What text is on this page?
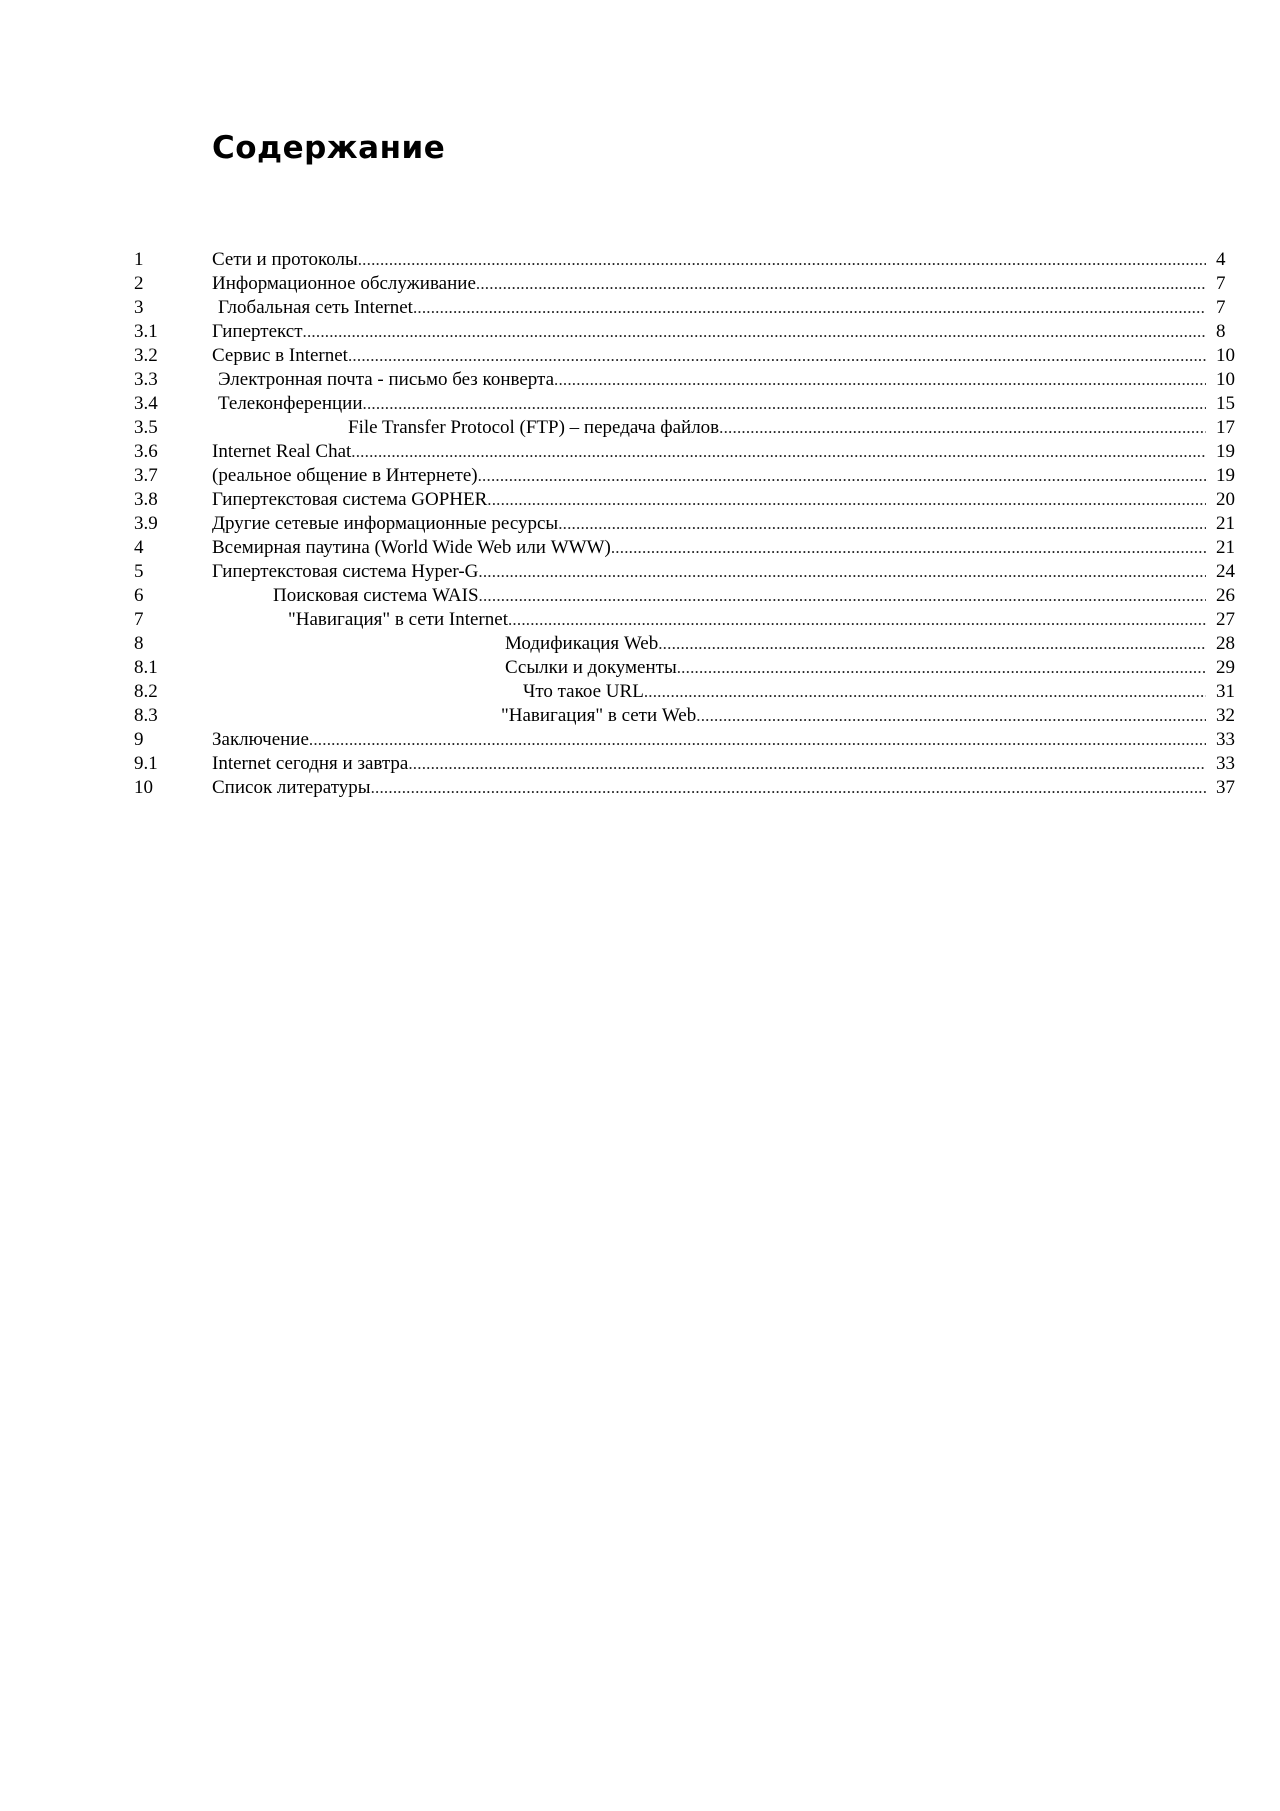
Содержание
1	Сети и протоколы .....	4
2	Информационное обслуживание .....	7
3	Глобальная сеть Internet .....	7
3.1	Гипертекст .....	8
3.2	Сервис в Internet .....	10
3.3	Электронная почта - письмо без конверта .....	10
3.4	Телеконференции .....	15
3.5	File Transfer Protocol (FTP) – передача файлов .....	17
3.6	Internet Real Chat .....	19
3.7	(реальное общение в Интернете) .....	19
3.8	Гипертекстовая система GOPHER .....	20
3.9	Другие сетевые информационные ресурсы .....	21
4	Всемирная паутина (World Wide Web или WWW) .....	21
5	Гипертекстовая система Hyper-G .....	24
6	Поисковая система WAIS .....	26
7	"Навигация" в сети Internet .....	27
8	Модификация Web .....	28
8.1	Ссылки и документы .....	29
8.2	Что такое URL .....	31
8.3	"Навигация" в сети Web .....	32
9	Заключение .....	33
9.1	Internet сегодня и завтра .....	33
10	Список литературы .....	37
